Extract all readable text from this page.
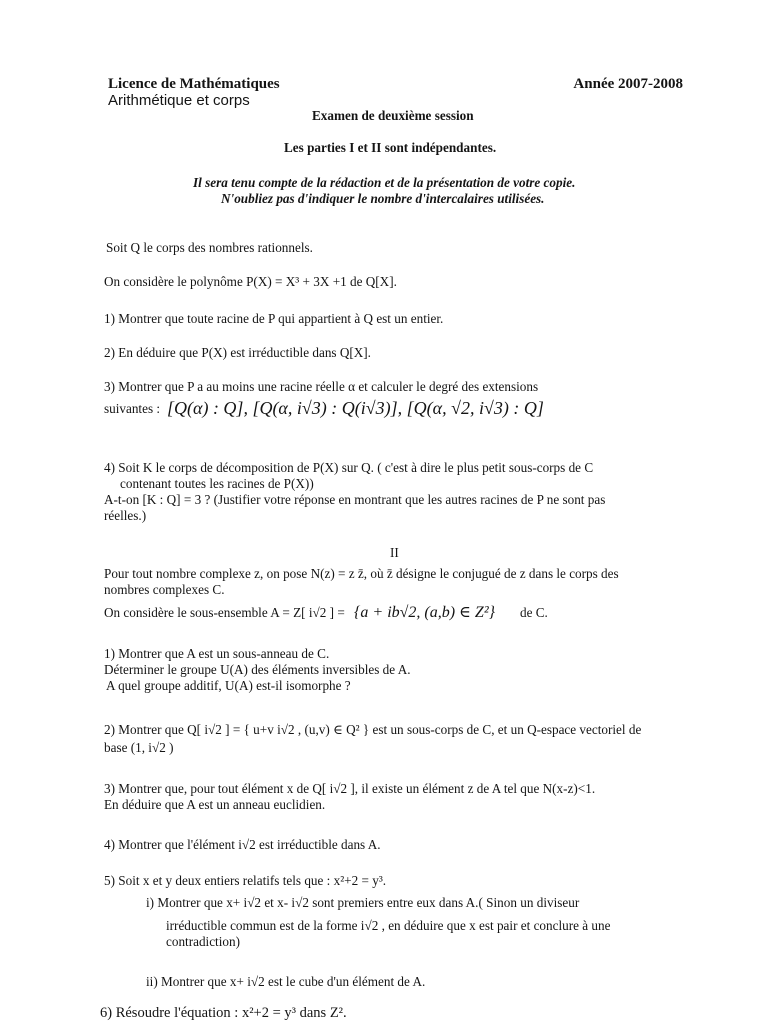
Licence de Mathématiques	Année 2007-2008
Arithmétique et corps
Examen de deuxième session
Les parties I et II sont indépendantes.
Il sera tenu compte de la rédaction et de la présentation de votre copie.
N'oubliez pas d'indiquer le nombre d'intercalaires utilisées.
Soit Q le corps des nombres rationnels.
On considère le polynôme P(X) = X³ + 3X +1 de Q[X].
1) Montrer que toute racine de P qui appartient à Q est un entier.
2) En déduire que P(X) est irréductible dans Q[X].
3) Montrer que P a au moins une racine réelle α et calculer le degré des extensions
suivantes : [Q(α) : Q], [Q(α, i√3) : Q(i√3)], [Q(α, √2, i√3) : Q]
4) Soit K le corps de décomposition de P(X) sur Q. ( c'est à dire le plus petit sous-corps de C
contenant toutes les racines de P(X))
A-t-on [K : Q] = 3 ? (Justifier votre réponse en montrant que les autres racines de P ne sont pas
réelles.)
II
Pour tout nombre complexe z, on pose N(z) = z z̄, où z̄ désigne le conjugué de z dans le corps des
nombres complexes C.
On considère le sous-ensemble A = Z[ i√2 ] = {a + ib√2, (a,b) ∈ Z²} de C.
1) Montrer que A est un sous-anneau de C.
Déterminer le groupe U(A) des éléments inversibles de A.
A quel groupe additif, U(A) est-il isomorphe ?
2) Montrer que Q[ i√2 ] = { u+v i√2 , (u,v) ∈ Q² } est un sous-corps de C, et un Q-espace vectoriel de
base (1, i√2 )
3) Montrer que, pour tout élément x de Q[ i√2 ], il existe un élément z de A tel que N(x-z)<1.
En déduire que A est un anneau euclidien.
4) Montrer que l'élément i√2 est irréductible dans A.
5) Soit x et y deux entiers relatifs tels que : x²+2 = y³.
i) Montrer que x+ i√2 et x- i√2 sont premiers entre eux dans A.( Sinon un diviseur
irréductible commun est de la forme i√2 , en déduire que x est pair et conclure à une
contradiction)
ii) Montrer que x+ i√2 est le cube d'un élément de A.
6) Résoudre l'équation : x²+2 = y³ dans Z².
